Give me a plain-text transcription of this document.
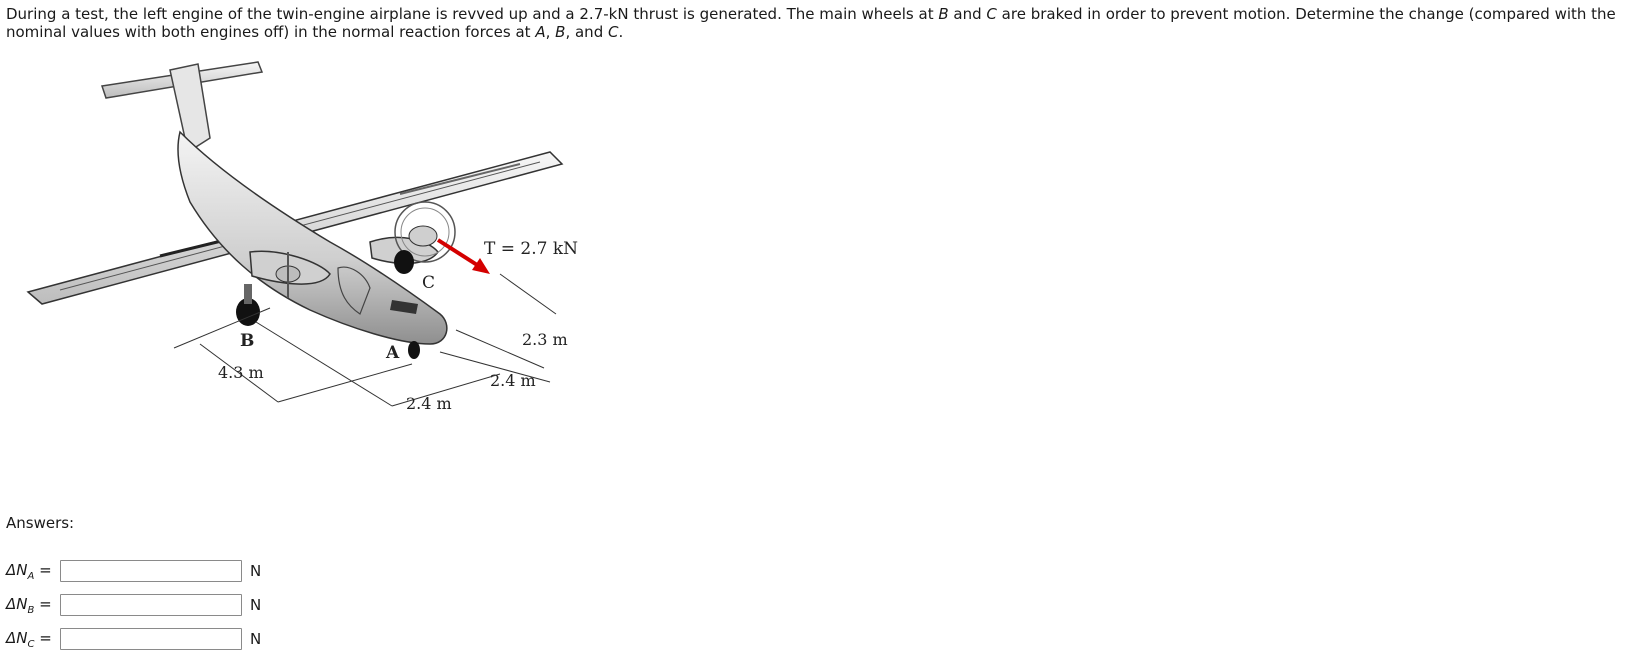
During a test, the left engine of the twin-engine airplane is revved up and a 2.7-kN thrust is generated. The main wheels at B and C are braked in order to prevent motion. Determine the change (compared with the nominal values with both engines off) in the normal reaction forces at A, B, and C.
T = 2.7 kN
B
C
A
4.3 m
2.3 m
2.4 m
2.4 m
Answers:
$\Delta N_A$ =	N
$\Delta N_B$ =	N
$\Delta N_C$ =	N
